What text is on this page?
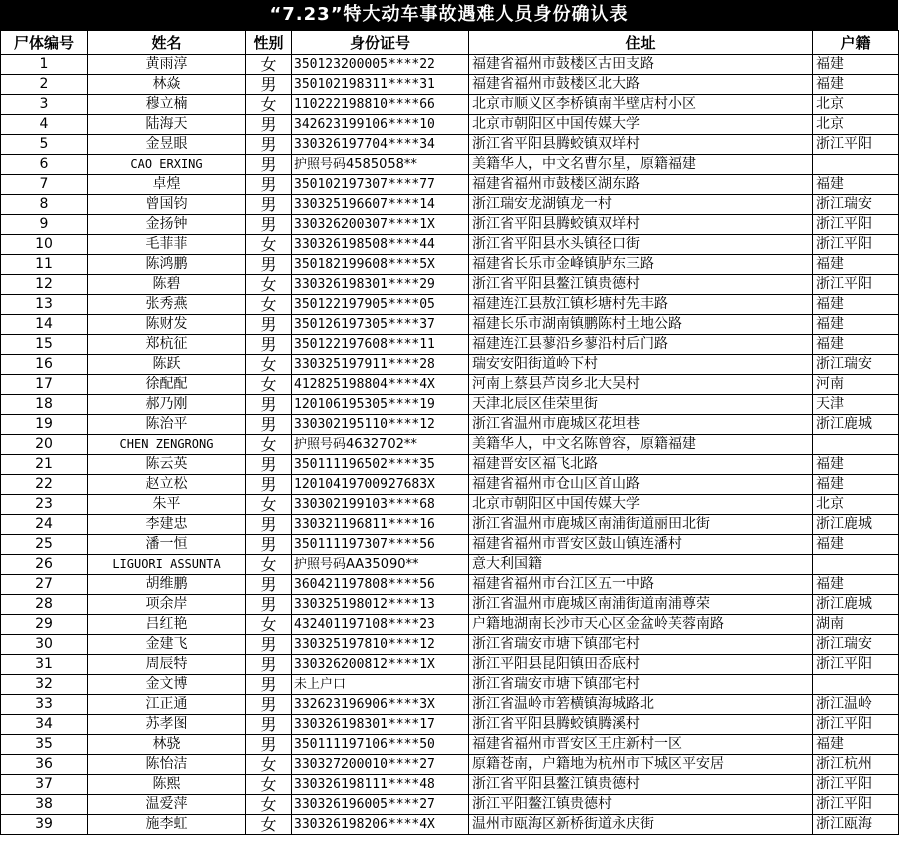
“7.23”特大动车事故遇难人员身份确认表
尸体编号	姓名	性别	身份证号	住址	户籍
1	黄雨淳	女	350123200005****22	福建省福州市鼓楼区古田支路	福建
2	林焱	男	350102198311****31	福建省福州市鼓楼区北大路	福建
3	穆立楠	女	110222198810****66	北京市顺义区李桥镇南半壁店村小区	北京
4	陆海天	男	342623199106****10	北京市朝阳区中国传媒大学	北京
5	金昱眼	男	330326197704****34	浙江省平阳县腾蛟镇双垟村	浙江平阳
6	CAO ERXING	男	护照号码4585058**	美籍华人，中文名曹尔星，原籍福建	
7	卓煌	男	350102197307****77	福建省福州市鼓楼区湖东路	福建
8	曾国钧	男	330325196607****14	浙江瑞安龙湖镇龙一村	浙江瑞安
9	金扬钟	男	330326200307****1X	浙江省平阳县腾蛟镇双垟村	浙江平阳
10	毛菲菲	女	330326198508****44	浙江省平阳县水头镇径口街	浙江平阳
11	陈鸿鹏	男	350182199608****5X	福建省长乐市金峰镇胪东三路	福建
12	陈碧	女	330326198301****29	浙江省平阳县鳌江镇贵德村	浙江平阳
13	张秀燕	女	350122197905****05	福建连江县敖江镇杉塘村先丰路	福建
14	陈财发	男	350126197305****37	福建长乐市湖南镇鹏陈村土地公路	福建
15	郑杭征	男	350122197608****11	福建连江县蓼沿乡蓼沿村后门路	福建
16	陈跃	女	330325197911****28	瑞安安阳街道岭下村	浙江瑞安
17	徐配配	女	412825198804****4X	河南上蔡县芦岗乡北大吴村	河南
18	郝乃刚	男	120106195305****19	天津北辰区佳荣里街	天津
19	陈治平	男	330302195110****12	浙江省温州市鹿城区花坦巷	浙江鹿城
20	CHEN ZENGRONG	女	护照号码4632702**	美籍华人，中文名陈曾容，原籍福建	
21	陈云英	男	350111196502****35	福建晋安区福飞北路	福建
22	赵立松	男	12010419700927683X	福建省福州市仓山区首山路	福建
23	朱平	女	330302199103****68	北京市朝阳区中国传媒大学	北京
24	李建忠	男	330321196811****16	浙江省温州市鹿城区南浦街道丽田北街	浙江鹿城
25	潘一恒	男	350111197307****56	福建省福州市晋安区鼓山镇连潘村	福建
26	LIGUORI ASSUNTA	女	护照号码AA35090**	意大利国籍	
27	胡维鹏	男	360421197808****56	福建省福州市台江区五一中路	福建
28	项余岸	男	330325198012****13	浙江省温州市鹿城区南浦街道南浦尊荣	浙江鹿城
29	吕红艳	女	432401197108****23	户籍地湖南长沙市天心区金盆岭芙蓉南路	湖南
30	金建飞	男	330325197810****12	浙江省瑞安市塘下镇邵宅村	浙江瑞安
31	周辰特	男	330326200812****1X	浙江平阳县昆阳镇田岙底村	浙江平阳
32	金文博	男	未上户口	浙江省瑞安市塘下镇邵宅村	
33	江正通	男	332623196906****3X	浙江省温岭市箬横镇海城路北	浙江温岭
34	苏孝图	男	330326198301****17	浙江省平阳县腾蛟镇腾溪村	浙江平阳
35	林骁	男	350111197106****50	福建省福州市晋安区王庄新村一区	福建
36	陈怡洁	女	330327200010****27	原籍苍南，户籍地为杭州市下城区平安居	浙江杭州
37	陈熙	女	330326198111****48	浙江省平阳县鳌江镇贵德村	浙江平阳
38	温爱萍	女	330326196005****27	浙江平阳鳌江镇贵德村	浙江平阳
39	施李虹	女	330326198206****4X	温州市瓯海区新桥街道永庆街	浙江瓯海
